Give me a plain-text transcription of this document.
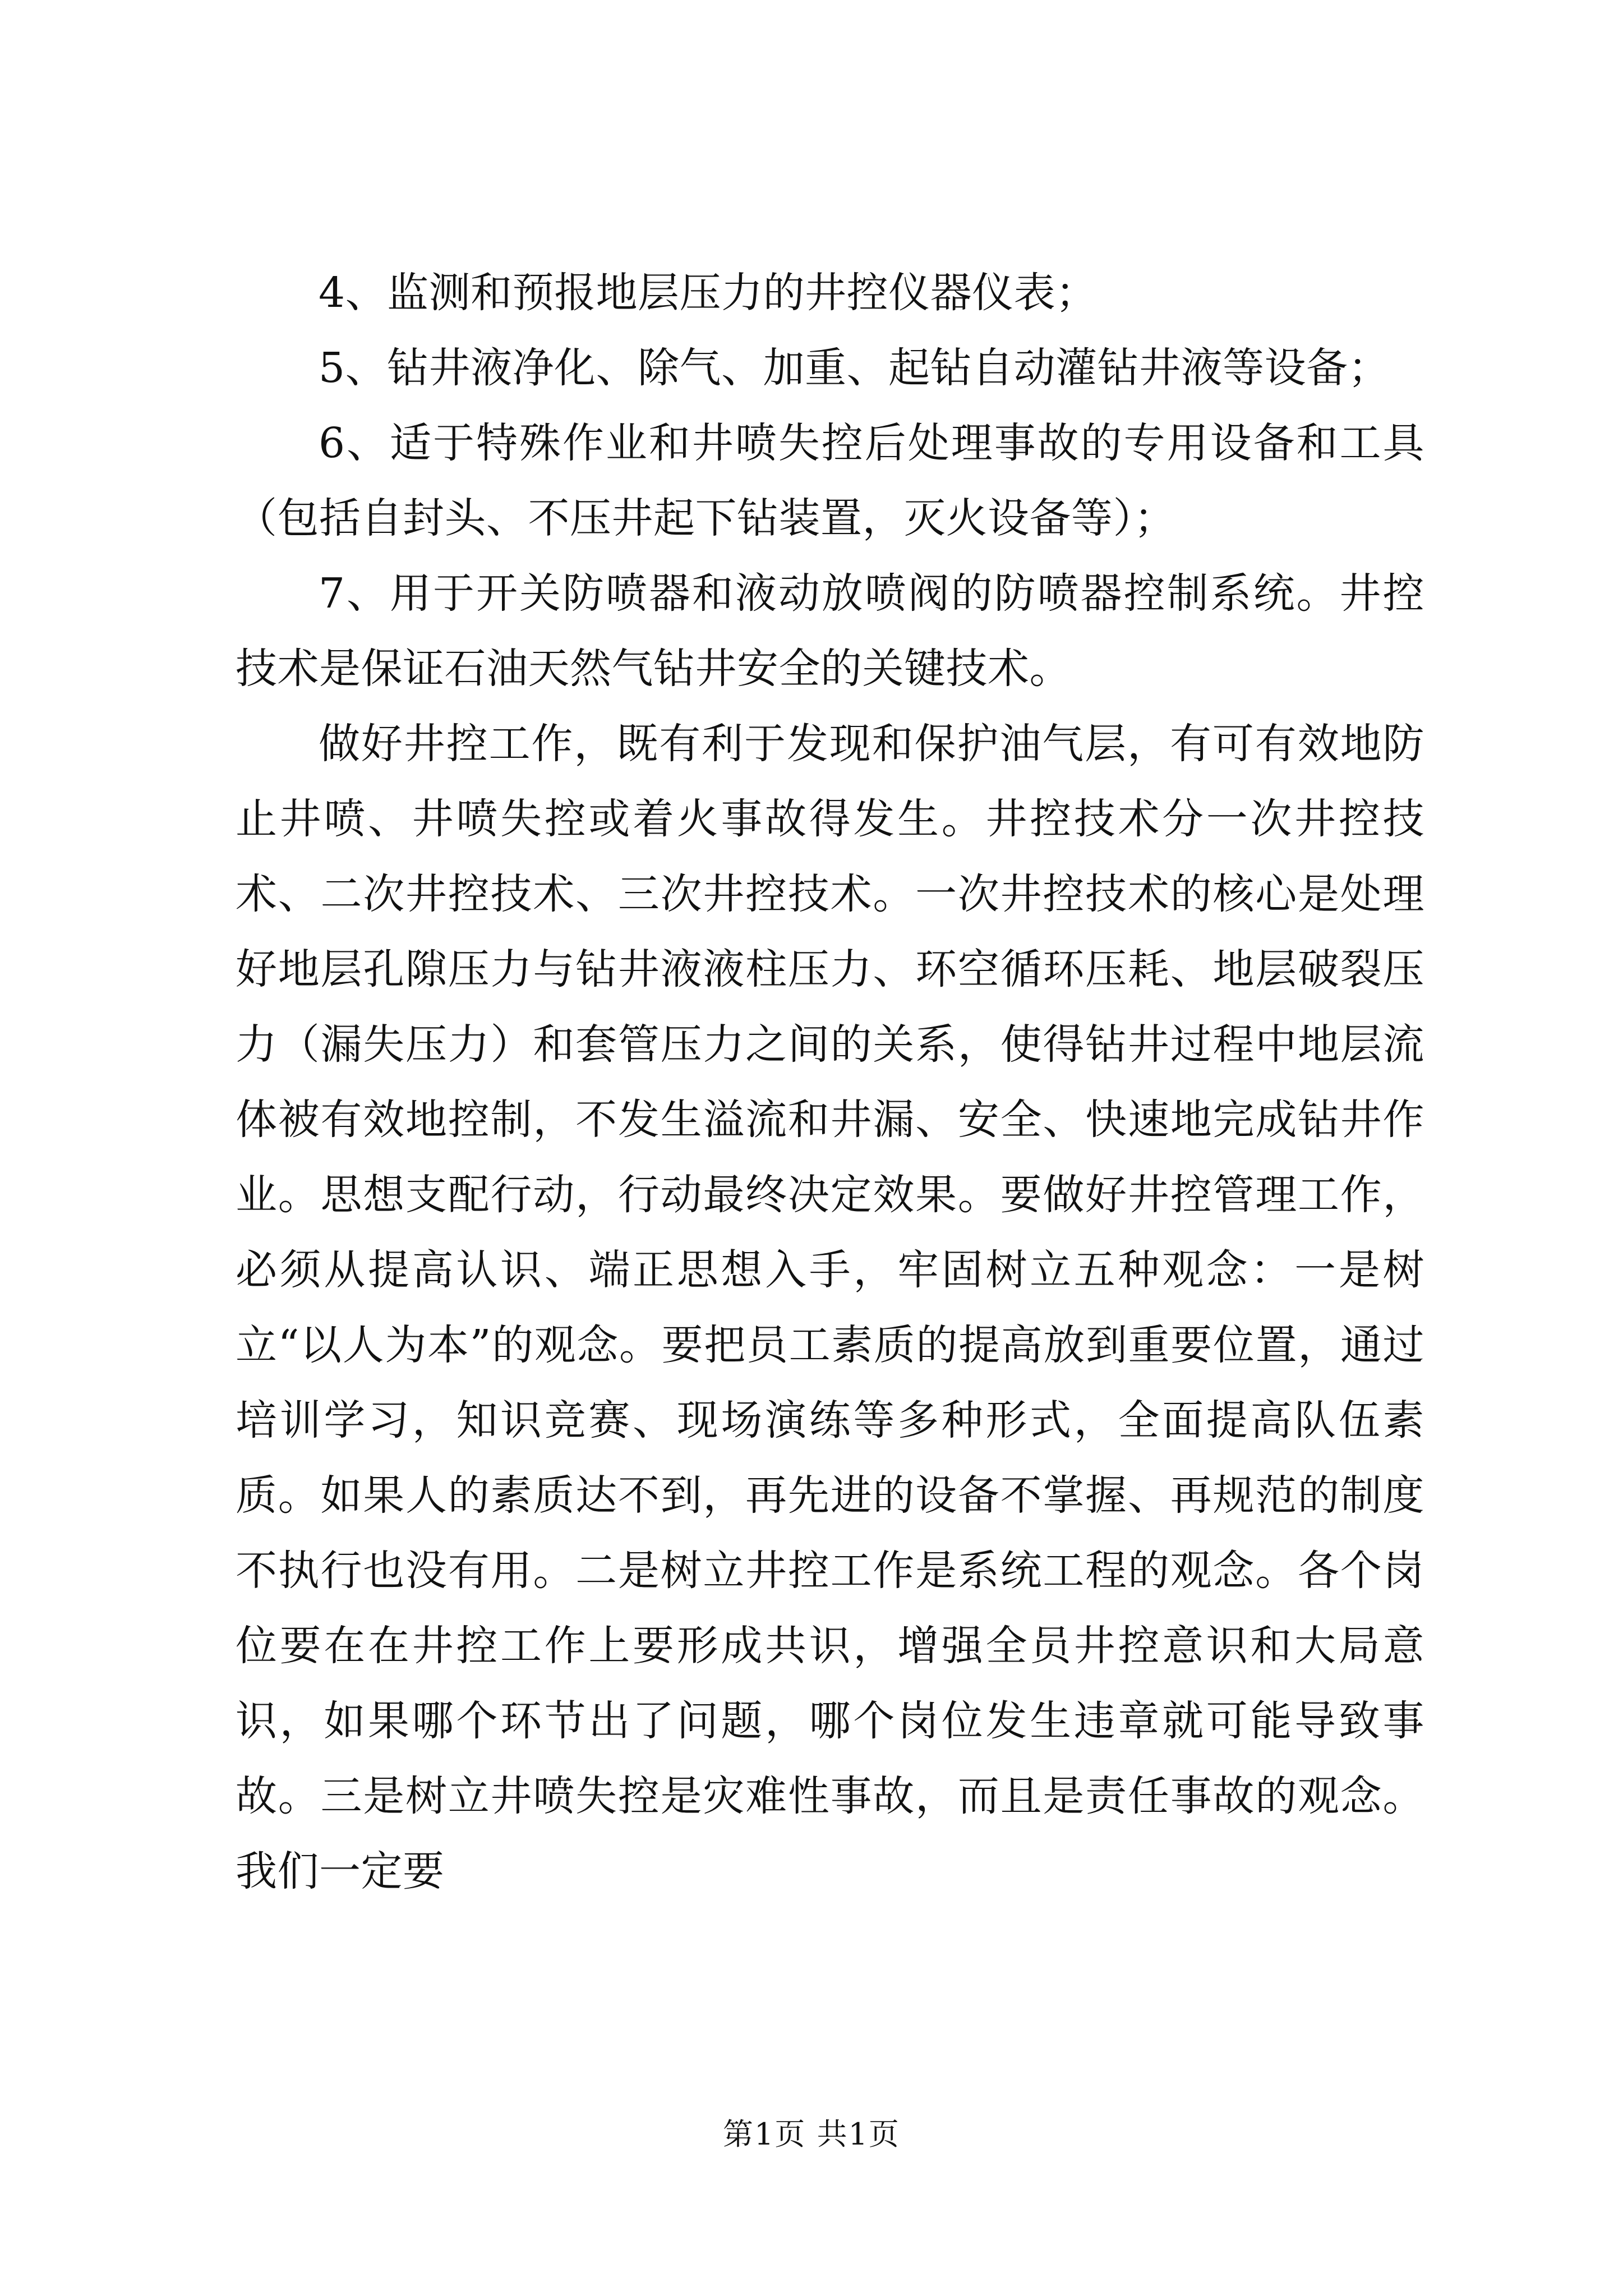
4、监测和预报地层压力的井控仪器仪表；

5、钻井液净化、除气、加重、起钻自动灌钻井液等设备；

6、适于特殊作业和井喷失控后处理事故的专用设备和工具（包括自封头、不压井起下钻装置，灭火设备等）；

7、用于开关防喷器和液动放喷阀的防喷器控制系统。井控技术是保证石油天然气钻井安全的关键技术。

做好井控工作，既有利于发现和保护油气层，有可有效地防止井喷、井喷失控或着火事故得发生。井控技术分一次井控技术、二次井控技术、三次井控技术。一次井控技术的核心是处理好地层孔隙压力与钻井液液柱压力、环空循环压耗、地层破裂压力（漏失压力）和套管压力之间的关系，使得钻井过程中地层流体被有效地控制，不发生溢流和井漏、安全、快速地完成钻井作业。思想支配行动，行动最终决定效果。要做好井控管理工作，必须从提高认识、端正思想入手，牢固树立五种观念：一是树立“以人为本”的观念。要把员工素质的提高放到重要位置，通过培训学习，知识竞赛、现场演练等多种形式，全面提高队伍素质。如果人的素质达不到，再先进的设备不掌握、再规范的制度不执行也没有用。二是树立井控工作是系统工程的观念。各个岗位要在在井控工作上要形成共识，增强全员井控意识和大局意识，如果哪个环节出了问题，哪个岗位发生违章就可能导致事故。三是树立井喷失控是灾难性事故，而且是责任事故的观念。我们一定要

第1页 共1页
